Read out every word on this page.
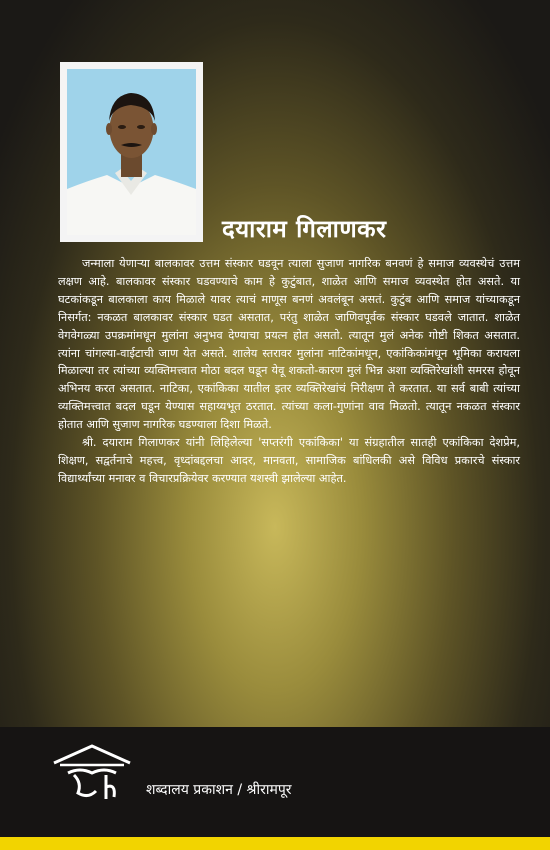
दयाराम गिलाणकर

जन्माला येणाऱ्या बालकावर उत्तम संस्कार घडवून त्याला सुजाण नागरिक बनवणं हे समाज व्यवस्थेचं उत्तम लक्षण आहे. बालकावर संस्कार घडवण्याचे काम हे कुटुंबात, शाळेत आणि समाज व्यवस्थेत होत असते. या घटकांकडून बालकाला काय मिळाले यावर त्याचं माणूस बनणं अवलंबून असतं. कुटुंब आणि समाज यांच्याकडून निसर्गत: नकळत बालकावर संस्कार घडत असतात, परंतु शाळेत जाणिवपूर्वक संस्कार घडवले जातात. शाळेत वेगवेगळ्या उपक्रमांमधून मुलांना अनुभव देण्याचा प्रयत्न होत असतो. त्यातून मुलं अनेक गोष्टी शिकत असतात. त्यांना चांगल्या-वाईटाची जाण येत असते. शालेय स्तरावर मुलांना नाटिकांमधून, एकांकिकांमधून भूमिका करायला मिळाल्या तर त्यांच्या व्यक्तिमत्त्वात मोठा बदल घडून येवू शकतो-कारण मुलं भिन्न अशा व्यक्तिरेखांशी समरस होवून अभिनय करत असतात. नाटिका, एकांकिका यातील इतर व्यक्तिरेखांचं निरीक्षण ते करतात. या सर्व बाबी त्यांच्या व्यक्तिमत्त्वात बदल घडून येण्यास सहाय्यभूत ठरतात. त्यांच्या कला-गुणांना वाव मिळतो. त्यातून नकळत संस्कार होतात आणि सुजाण नागरिक घडण्याला दिशा मिळते.

श्री. दयाराम गिलाणकर यांनी लिहिलेल्या 'सप्तरंगी एकांकिका' या संग्रहातील सातही एकांकिका देशप्रेम, शिक्षण, सद्वर्तनाचे महत्त्व, वृध्दांबद्दलचा आदर, मानवता, सामाजिक बांधिलकी असे विविध प्रकारचे संस्कार विद्यार्थ्यांच्या मनावर व विचारप्रक्रियेवर करण्यात यशस्वी झालेल्या आहेत.

शब्दालय प्रकाशन / श्रीरामपूर
